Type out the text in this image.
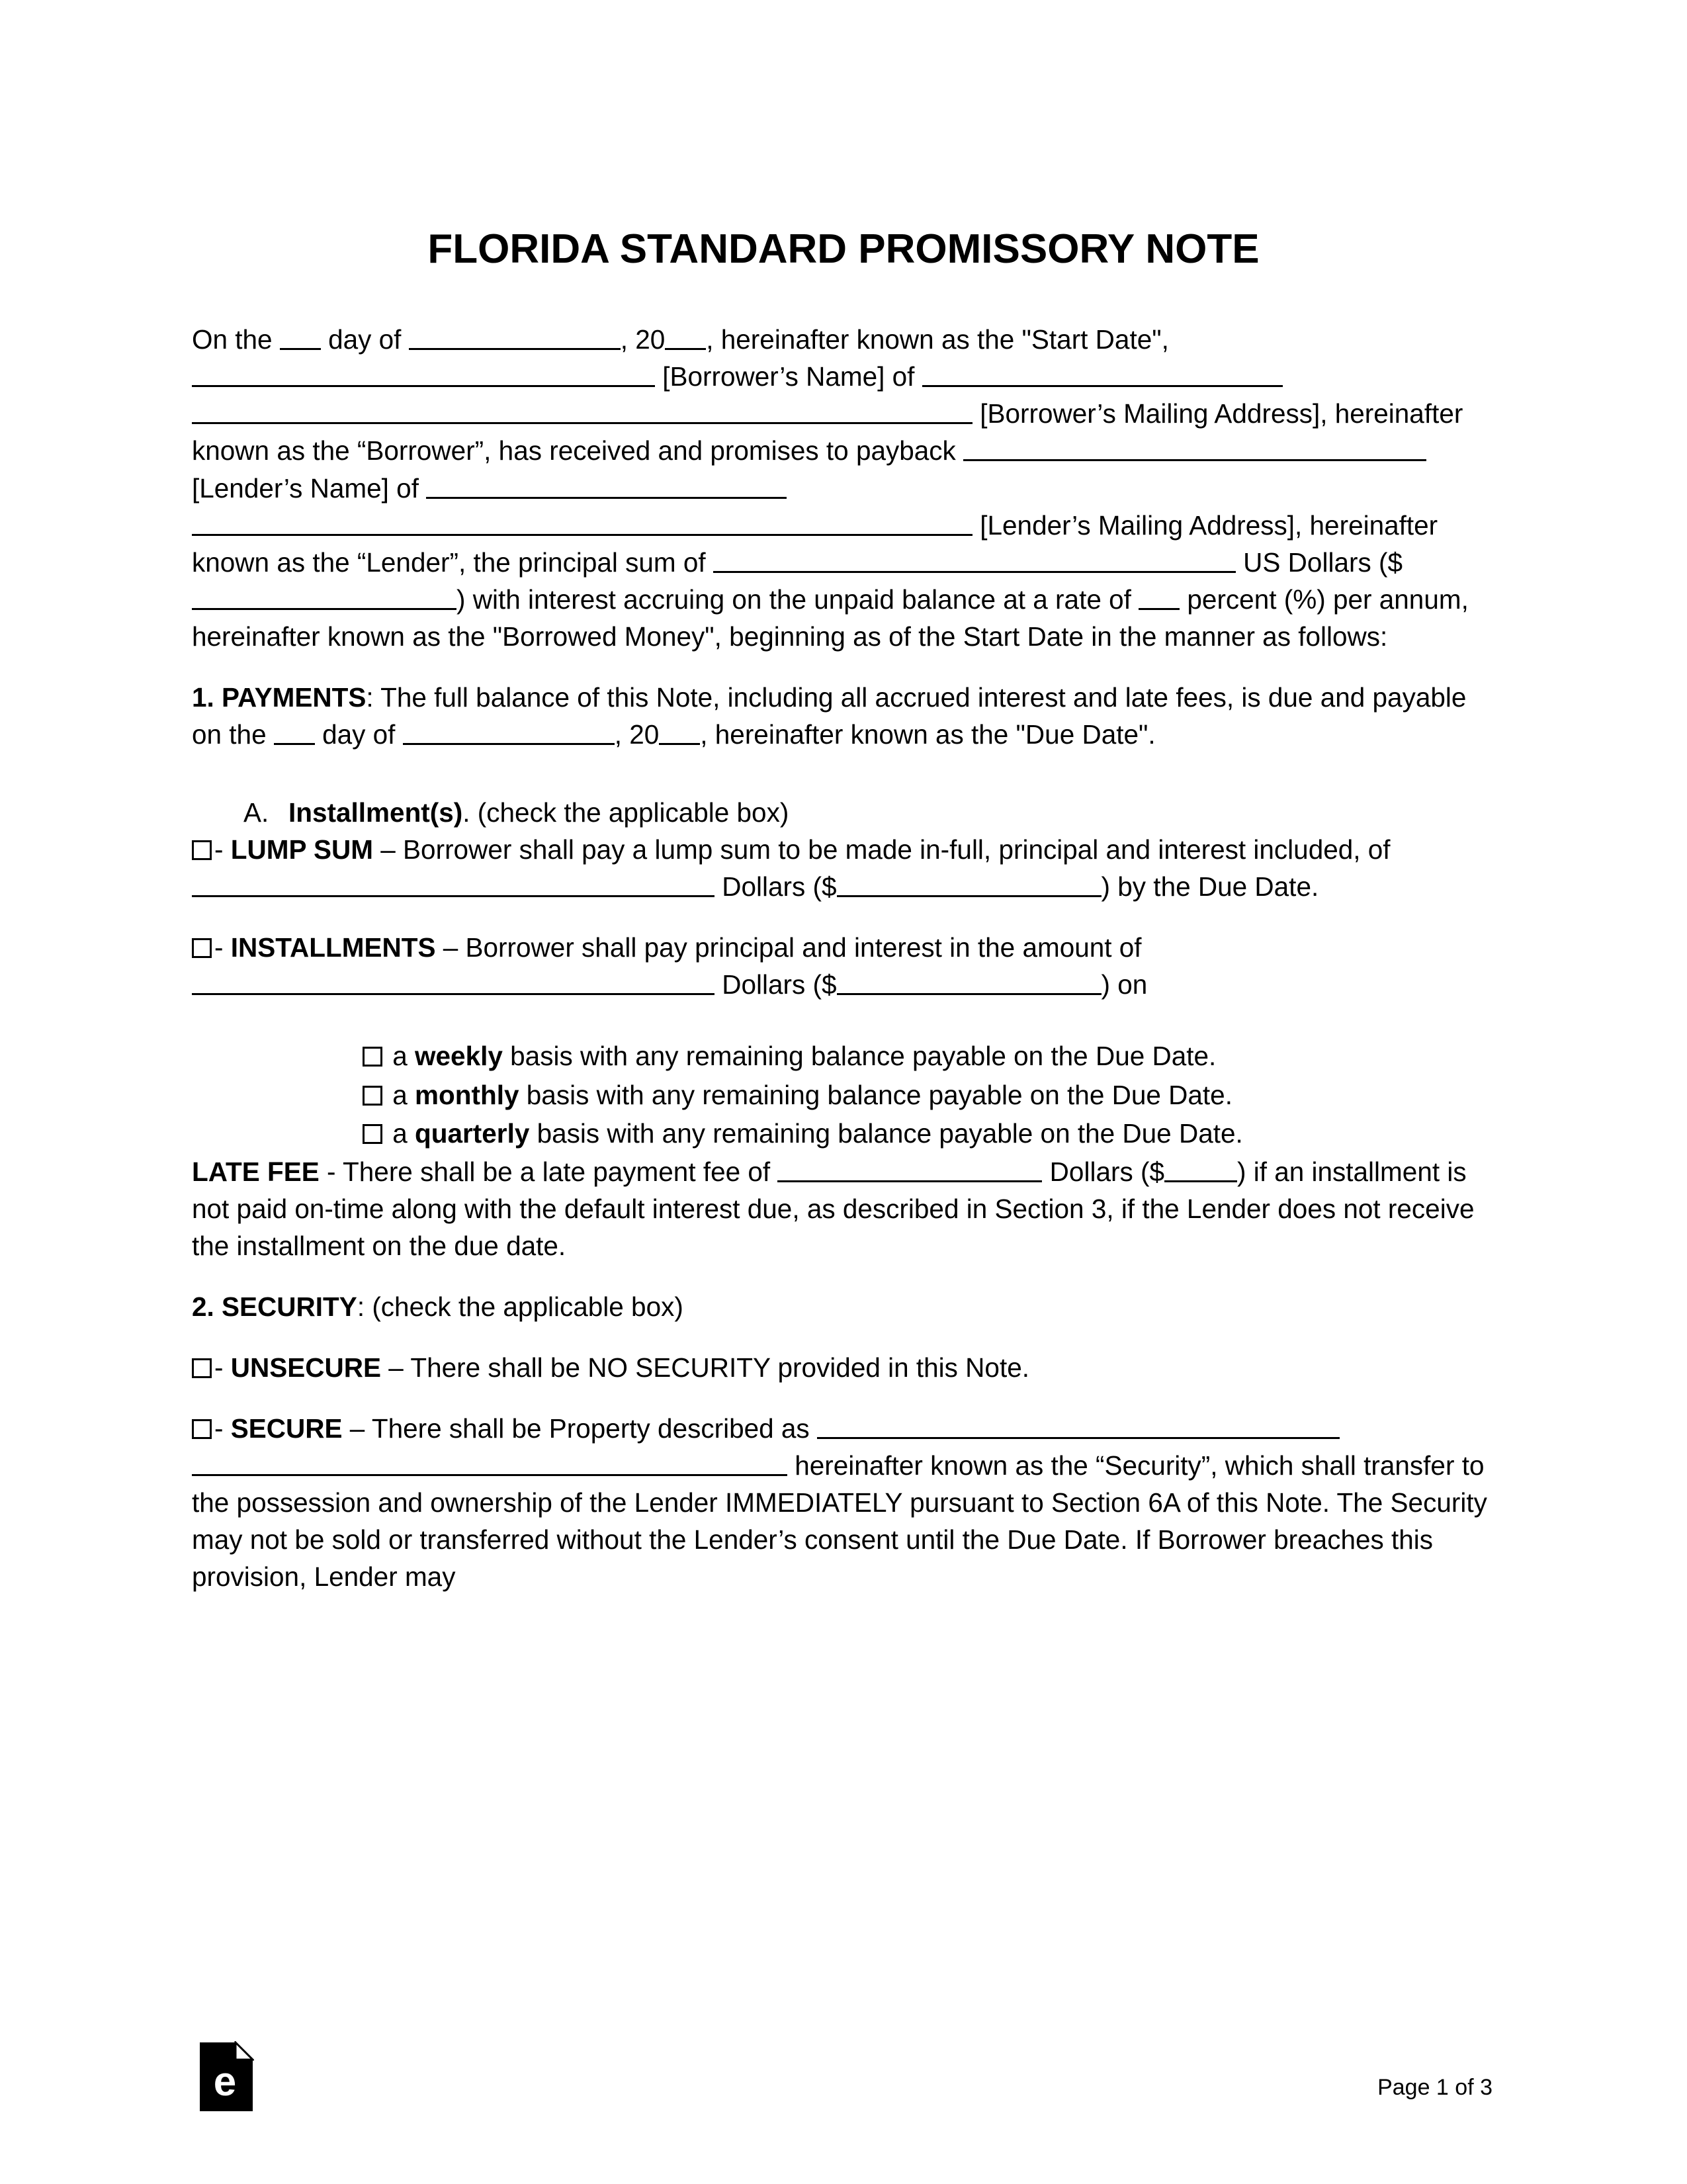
FLORIDA STANDARD PROMISSORY NOTE

On the  day of	, 20 , hereinafter known as the "Start Date",  [Borrower’s Name] of  [Borrower’s Mailing Address], hereinafter known as the “Borrower”, has received and promises to payback  [Lender’s Name] of  [Lender’s Mailing Address], hereinafter known as the “Lender”, the principal sum of	US Dollars ($) with interest accruing on the unpaid balance at a rate of  percent (%) per annum, hereinafter known as the "Borrowed Money", beginning as of the Start Date in the manner as follows:

1. PAYMENTS: The full balance of this Note, including all accrued interest and late fees, is due and payable on the  day of	, 20 , hereinafter known as the "Due Date".

A. Installment(s). (check the applicable box)

- LUMP SUM – Borrower shall pay a lump sum to be made in-full, principal and interest included, of  Dollars ($	) by the Due Date.

- INSTALLMENTS – Borrower shall pay principal and interest in the amount of  Dollars ($	) on

a weekly basis with any remaining balance payable on the Due Date.

a monthly basis with any remaining balance payable on the Due Date.

a quarterly basis with any remaining balance payable on the Due Date.

LATE FEE - There shall be a late payment fee of	Dollars ($	) if an installment is not paid on-time along with the default interest due, as described in Section 3, if the Lender does not receive the installment on the due date.

2. SECURITY: (check the applicable box)

- UNSECURE – There shall be NO SECURITY provided in this Note.

- SECURE – There shall be Property described as  hereinafter known as the “Security”, which shall transfer to the possession and ownership of the Lender IMMEDIATELY pursuant to Section 6A of this Note. The Security may not be sold or transferred without the Lender’s consent until the Due Date. If Borrower breaches this provision, Lender may

e	Page 1 of 3
